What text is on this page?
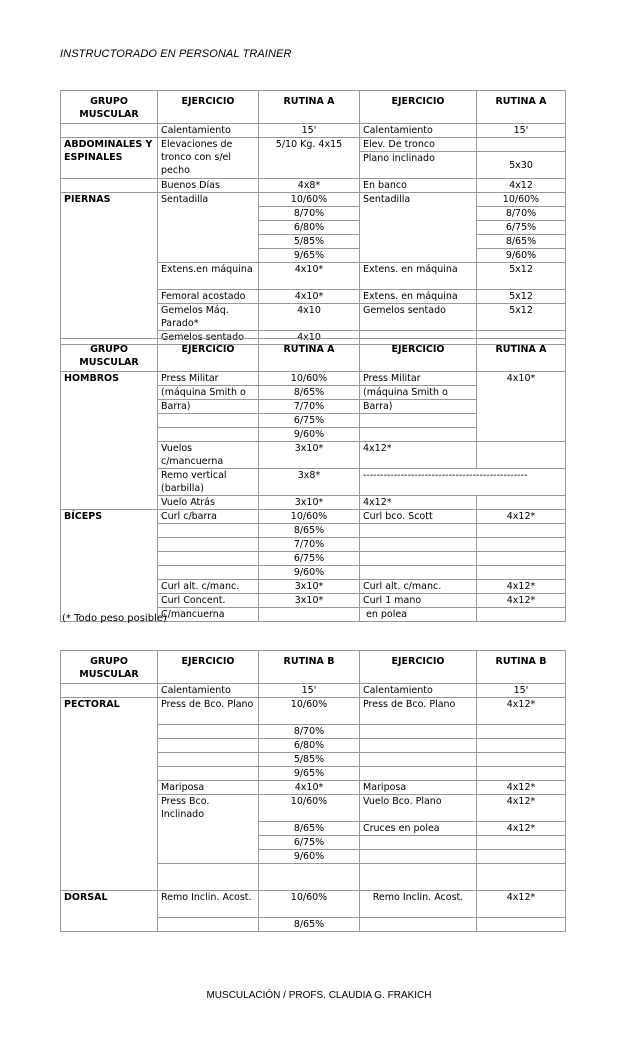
INSTRUCTORADO EN PERSONAL TRAINER
GRUPO MUSCULAR	EJERCICIO	RUTINA A	EJERCICIO	RUTINA A
	Calentamiento	15'	Calentamiento	15'
ABDOMINALES Y ESPINALES	Elevaciones de tronco con s/el pecho	5/10 Kg. 4x15	Elev. De tronco	
			Plano inclinado	5x30
	Buenos Días	4x8*	En banco	4x12
PIERNAS	Sentadilla	10/60%	Sentadilla	10/60%
		8/70%		8/70%
		6/80%		6/75%
		5/85%		8/65%
		9/65%		9/60%
	Extens.en máquina	4x10*	Extens. en máquina	5x12
	Femoral acostado	4x10*	Extens. en máquina	5x12
	Gemelos Máq. Parado*	4x10	Gemelos sentado	5x12
	Gemelos sentado	4x10		
GRUPO MUSCULAR	EJERCICIO	RUTINA A	EJERCICIO	RUTINA A
HOMBROS	Press Militar	10/60%	Press Militar	4x10*
	(máquina Smith o	8/65%	(máquina Smith o	
	Barra)	7/70%	Barra)	
		6/75%		
		9/60%		
	Vuelos c/mancuerna	3x10*	4x12*	
	Remo vertical (barbilla)	3x8*	------------------------------------------------	
	Vuelo Atrás	3x10*	4x12*	
BÍCEPS	Curl c/barra	10/60%	Curl bco. Scott	4x12*
		8/65%		
		7/70%		
		6/75%		
		9/60%		
	Curl alt. c/manc.	3x10*	Curl alt. c/manc.	4x12*
	Curl Concent.	3x10*	Curl 1 mano	4x12*
	C/mancuerna		en polea	
(* Todo peso posible)
GRUPO MUSCULAR	EJERCICIO	RUTINA B	EJERCICIO	RUTINA B
	Calentamiento	15'	Calentamiento	15'
PECTORAL	Press de Bco. Plano	10/60%	Press de Bco. Plano	4x12*
		8/70%		
		6/80%		
		5/85%		
		9/65%		
	Mariposa	4x10*	Mariposa	4x12*
	Press Bco. Inclinado	10/60%	Vuelo Bco. Plano	4x12*
		8/65%	Cruces en polea	4x12*
		6/75%		
		9/60%		

DORSAL	Remo Inclin. Acost.	10/60%	Remo Inclin. Acost.	4x12*
		8/65%		
MUSCULACIÓN / PROFS. CLAUDIA G. FRAKICH
